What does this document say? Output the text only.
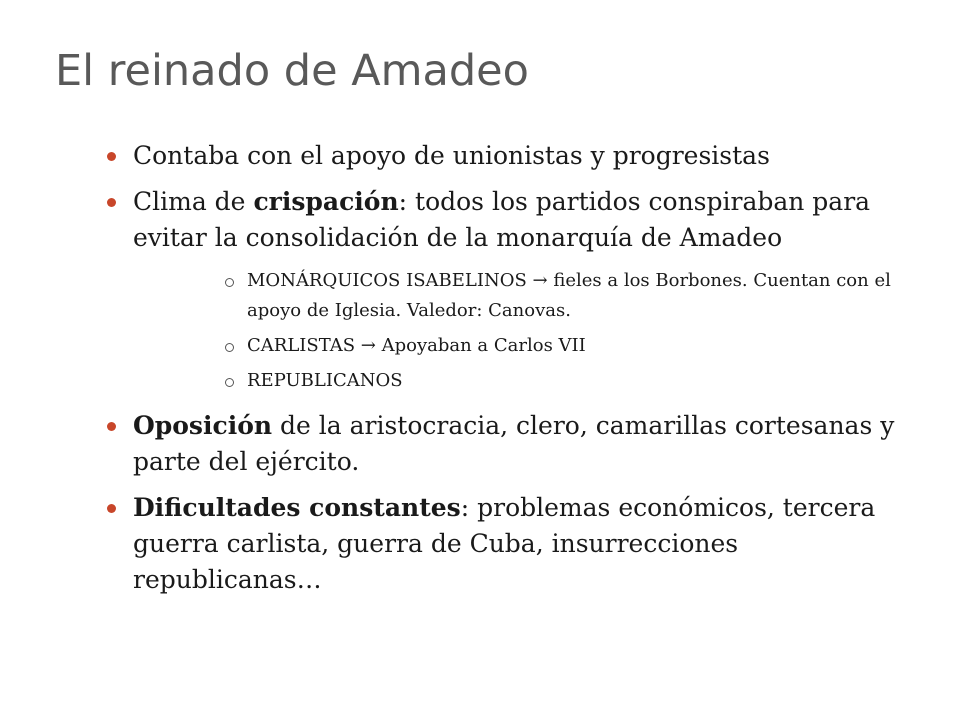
El reinado de Amadeo
Contaba con el apoyo de unionistas y progresistas
Clima de crispación: todos los partidos conspiraban para evitar la consolidación de la monarquía de Amadeo
MONÁRQUICOS ISABELINOS → fieles a los Borbones. Cuentan con el apoyo de Iglesia. Valedor: Canovas.
CARLISTAS → Apoyaban a Carlos VII
REPUBLICANOS
Oposición de la aristocracia, clero, camarillas cortesanas y parte del ejército.
Dificultades constantes: problemas económicos, tercera guerra carlista, guerra de Cuba, insurrecciones republicanas…
